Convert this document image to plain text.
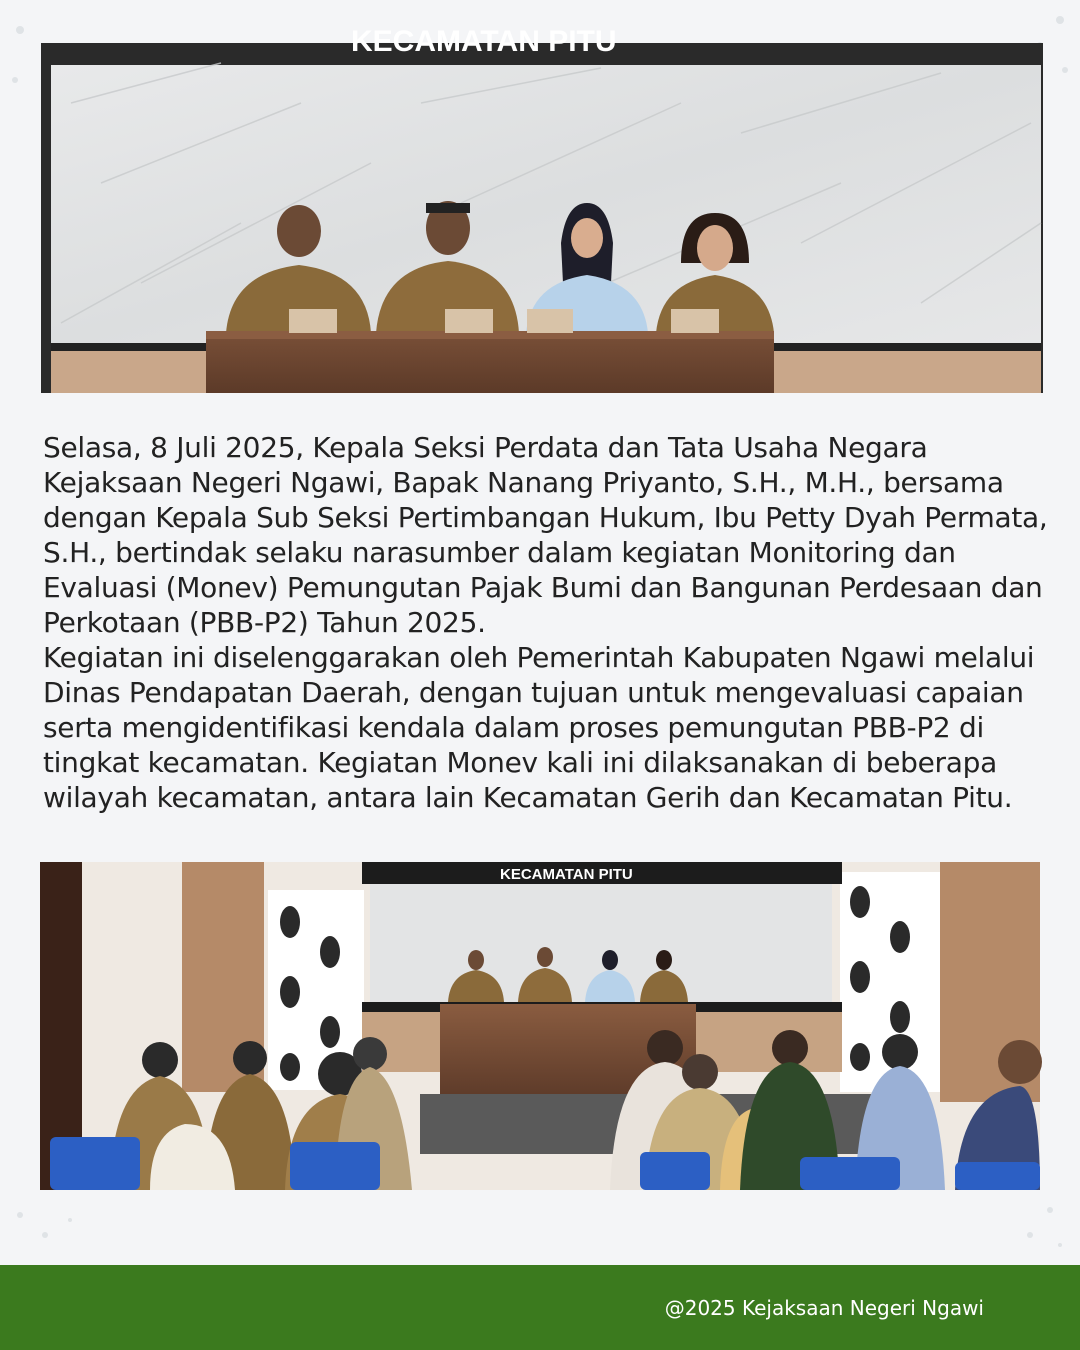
KECAMATAN PITU

Selasa, 8 Juli 2025, Kepala Seksi Perdata dan Tata Usaha Negara Kejaksaan Negeri Ngawi, Bapak Nanang Priyanto, S.H., M.H., bersama dengan Kepala Sub Seksi Pertimbangan Hukum, Ibu Petty Dyah Permata, S.H., bertindak selaku narasumber dalam kegiatan Monitoring dan Evaluasi (Monev) Pemungutan Pajak Bumi dan Bangunan Perdesaan dan Perkotaan (PBB-P2) Tahun 2025.

Kegiatan ini diselenggarakan oleh Pemerintah Kabupaten Ngawi melalui Dinas Pendapatan Daerah, dengan tujuan untuk mengevaluasi capaian serta mengidentifikasi kendala dalam proses pemungutan PBB-P2 di tingkat kecamatan. Kegiatan Monev kali ini dilaksanakan di beberapa wilayah kecamatan, antara lain Kecamatan Gerih dan Kecamatan Pitu.

KECAMATAN PITU
@2025 Kejaksaan Negeri Ngawi
